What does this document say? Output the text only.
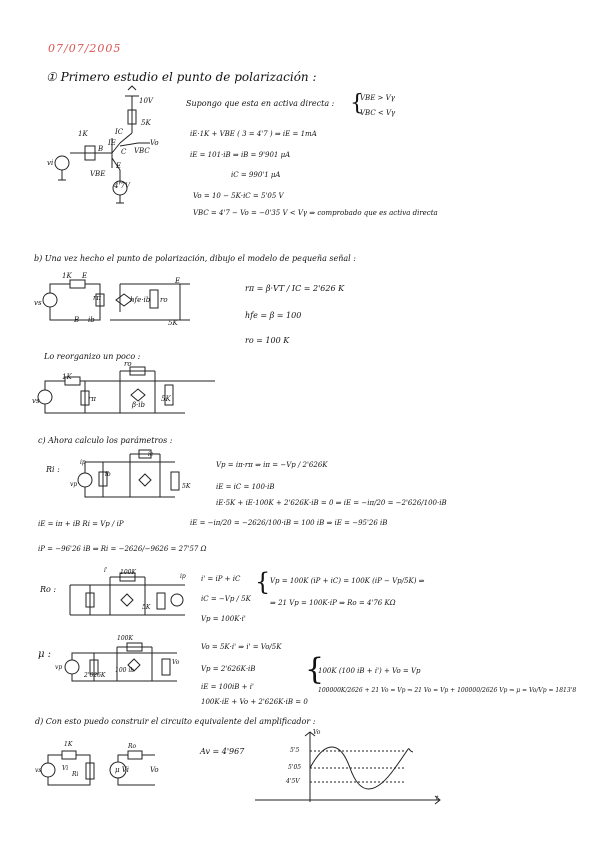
07/07/2005
① Primero estudio el punto de polarización :
10V
5K
1K	IC
B	C
E
VBC
VBE
Vo
4'7V
vi
IE
Supongo que esta en activa directa : {
VBE > Vγ
VBC < Vγ
iE·1K + VBE ( 3 = 4'7 ) ⇒ iE = 1mA
iE = 101·iB ⇒ iB = 9'901 μA
iC = 990'1 μA
Vo = 10 − 5K·iC = 5'05 V
VBC = 4'7 − Vo = −0'35 V < Vγ ⇒ comprobado que es activa directa
b) Una vez hecho el punto de polarización, dibujo el modelo de pequeña señal :
1K E
vs
rπ
B ib
hfe·ib ro
E
5K
rπ = β·VT / IC = 2'626 K
hfe = β = 100
ro = 100 K
Lo reorganizo un poco :
1K
vs	rπ
ro
β·ib
5K
c) Ahora calculo los parámetros :
Ri :
ip
vp
ib
ie
5K
Vp = iπ·rπ ⇒ iπ = −Vp / 2'626K
iE = iC = 100·iB
iE·5K + iE·100K + 2'626K·iB = 0 ⇒ iE = −iπ/20 = −2'626/100·iB
iE = −iπ/20 = −2626/100·iB = 100 iB ⇒ iE = −95'26 iB
iE = iπ + iB Ri = Vp / iP
iP = −96'26 iB ⇒ Ri = −2626/−9626 = 27'57 Ω
Ro :
i' 100K
5K
ip i' = iP + iC
iC = −Vp / 5K
Vp = 100K·i'
{ Vp = 100K (iP + iC) = 100K (iP − Vp/5K) ⇒
⇒ 21 Vp = 100K·iP ⇒ Ro = 4'76 KΩ
μ :
100K
2'626K
100 ib
vp
Vo
Vo = 5K·i' ⇒ i' = Vo/5K
Vp = 2'626K·iB
iE = 100iB + i'
100K·iE + Vo + 2'626K·iB = 0
{
100K (100 iB + i') + Vo = Vp
100000K/2626 + 21 Vo = Vp ⇒ 21 Vo = Vp + 100000/2626 Vp ⇒ μ = Vo/Vp = 1813'8
d) Con esto puedo construir el circuito equivalente del amplificador :
1K	Ro
vs	Vi
Ri
μ Vi	Vo
Av = 4'967
Vo
t
5'5
5'05
4'5V
